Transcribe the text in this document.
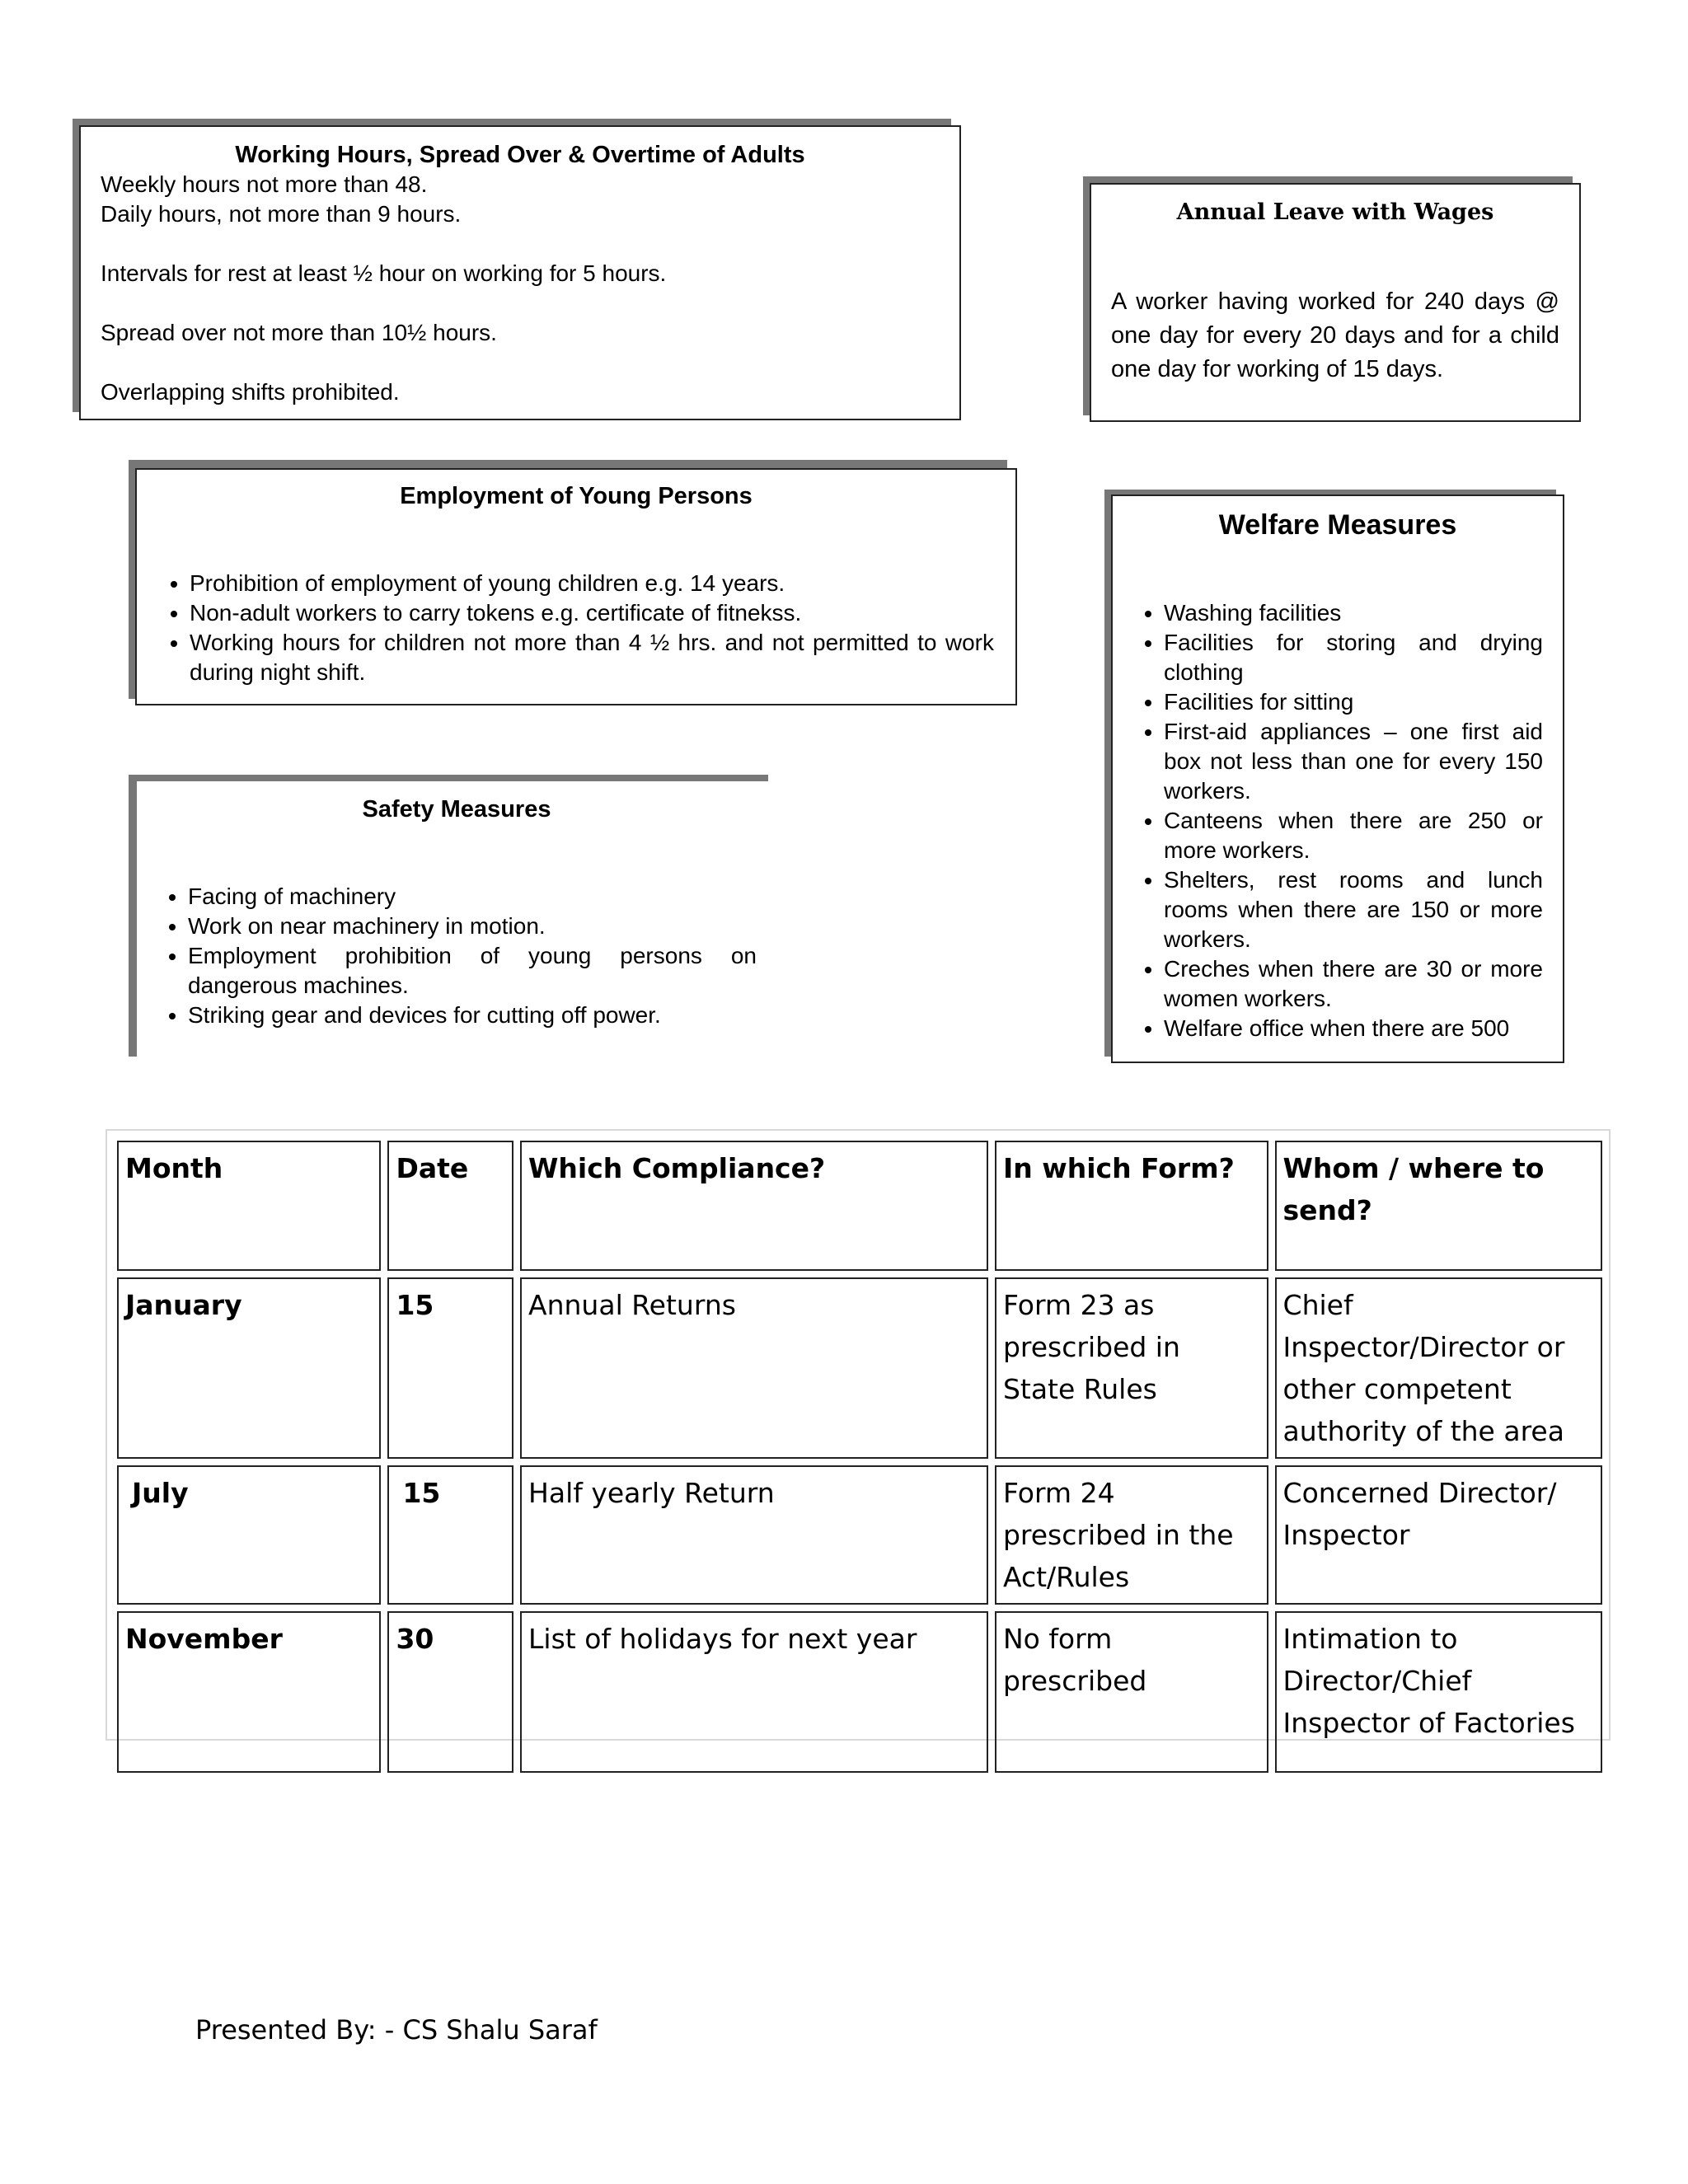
Working Hours, Spread Over & Overtime of Adults

Weekly hours not more than 48.

Daily hours, not more than 9 hours.

Intervals for rest at least ½ hour on working for 5 hours.

Spread over not more than 10½ hours.

Overlapping shifts prohibited.

Annual Leave with Wages

A worker having worked for 240 days @ one day for every 20 days and for a child one day for working of 15 days.

Employment of Young Persons

• Prohibition of employment of young children e.g. 14 years.
• Non-adult workers to carry tokens e.g. certificate of fitnekss.
• Working hours for children not more than 4 ½ hrs. and not permitted to work during night shift.

Welfare Measures

• Washing facilities
• Facilities for storing and drying clothing
• Facilities for sitting
• First-aid appliances – one first aid box not less than one for every 150 workers.
• Canteens when there are 250 or more workers.
• Shelters, rest rooms and lunch rooms when there are 150 or more workers.
• Creches when there are 30 or more women workers.
• Welfare office when there are 500

Safety Measures

• Facing of machinery
• Work on near machinery in motion.
• Employment prohibition of young persons on dangerous machines.
• Striking gear and devices for cutting off power.
Month	Date	Which Compliance?	In which Form?	Whom / where to send?
January	15	Annual Returns	Form 23 as prescribed in State Rules	Chief Inspector/Director or other competent authority of the area
July	15	Half yearly Return	Form 24 prescribed in the Act/Rules	Concerned Director/ Inspector
November	30	List of holidays for next year	No form prescribed	Intimation to Director/Chief Inspector of Factories
Presented By: - CS Shalu Saraf
